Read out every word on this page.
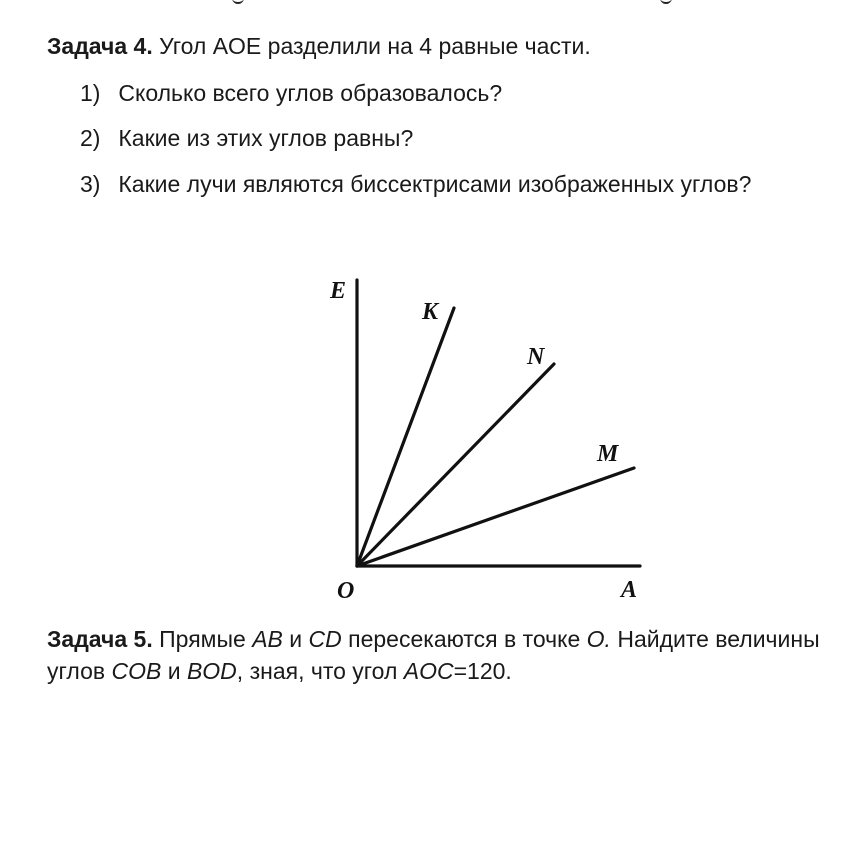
Задача 4. Угол AOE разделили на 4 равные части.
1) Сколько всего углов образовалось?
2) Какие из этих углов равны?
3) Какие лучи являются биссектрисами изображенных углов?
E
K
N
M
O	A
Задача 5. Прямые AB и CD пересекаются в точке O. Найдите величины углов COB и BOD, зная, что угол AOC=120.
